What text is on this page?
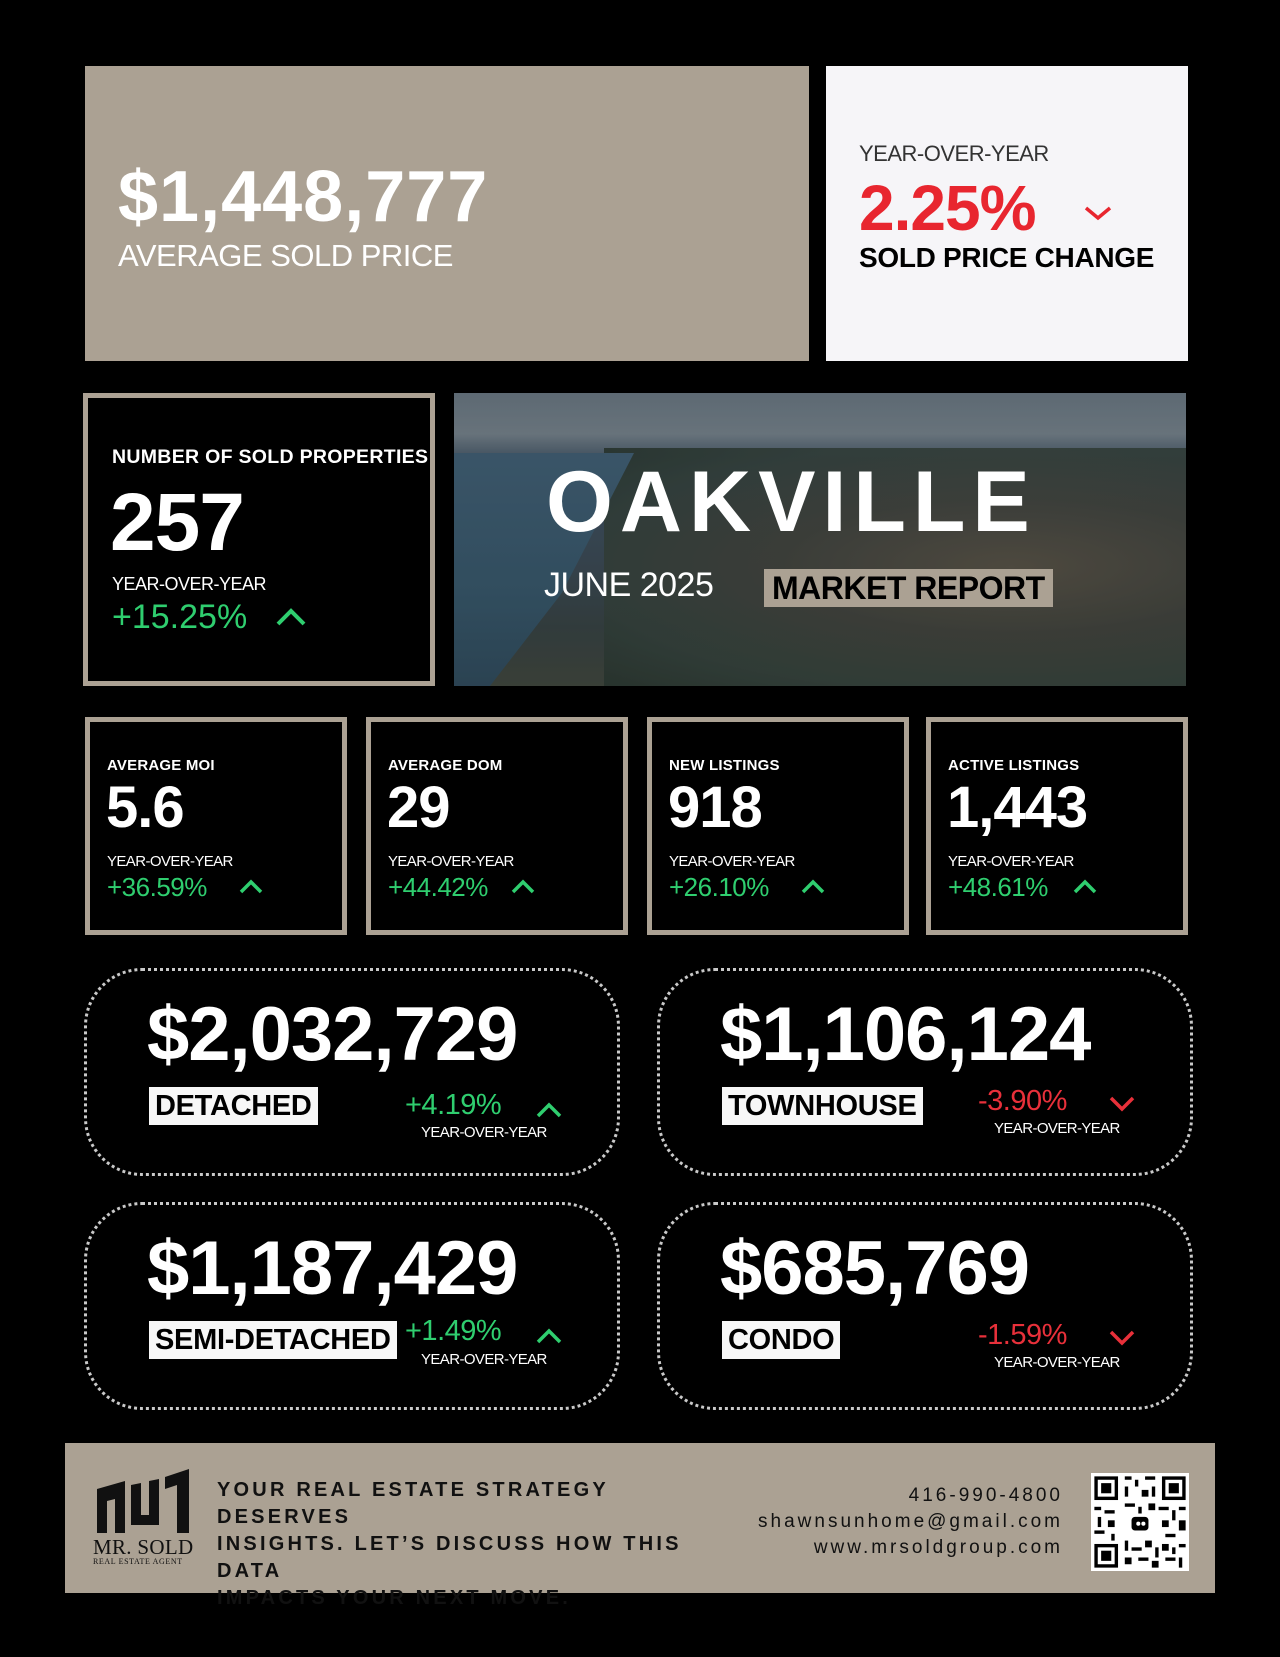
$1,448,777
AVERAGE SOLD PRICE
YEAR-OVER-YEAR
2.25%
SOLD PRICE CHANGE
NUMBER OF SOLD PROPERTIES
257
YEAR-OVER-YEAR
+15.25%
OAKVILLE
JUNE 2025 MARKET REPORT
AVERAGE MOI
5.6
YEAR-OVER-YEAR
+36.59%
AVERAGE DOM
29
YEAR-OVER-YEAR
+44.42%
NEW LISTINGS
918
YEAR-OVER-YEAR
+26.10%
ACTIVE LISTINGS
1,443
YEAR-OVER-YEAR
+48.61%
$2,032,729
DETACHED	+4.19%
YEAR-OVER-YEAR
$1,106,124
TOWNHOUSE -3.90%
YEAR-OVER-YEAR
$1,187,429
SEMI-DETACHED +1.49%
YEAR-OVER-YEAR
$685,769
CONDO	-1.59%
YEAR-OVER-YEAR
MR. SOLD
REAL ESTATE AGENT
YOUR REAL ESTATE STRATEGY DESERVES
INSIGHTS. LET’S DISCUSS HOW THIS DATA
IMPACTS YOUR NEXT MOVE.
416-990-4800
shawnsunhome@gmail.com
www.mrsoldgroup.com
